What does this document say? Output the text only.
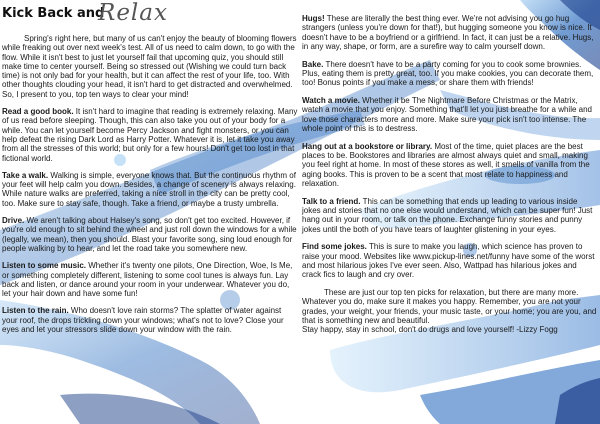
Kick Back and
Relax

Spring's right here, but many of us can't enjoy the beauty of blooming flowers while freaking out over next week's test. All of us need to calm down, to go with the flow. While it isn't best to just let yourself fail that upcoming quiz, you should still make time to center yourself. Being so stressed out (Wishing we could turn back time) is not only bad for your health, but it can affect the rest of your life, too. With other thoughts clouding your head, it isn't hard to get distracted and overwhelmed. So, I present to you, top ten ways to clear your mind!

Read a good book. It isn't hard to imagine that reading is extremely relaxing. Many of us read before sleeping. Though, this can also take you out of your body for a while. You can let yourself become Percy Jackson and fight monsters, or you can help defeat the rising Dark Lord as Harry Potter. Whatever it is, let it take you away from all the stresses of this world; but only for a few hours! Don't get too lost in that fictional world.

Take a walk. Walking is simple, everyone knows that. But the continuous rhythm of your feet will help calm you down. Besides, a change of scenery is always relaxing. While nature walks are preferred, taking a nice stroll in the city can be pretty cool, too. Make sure to stay safe, though. Take a friend, or maybe a trusty umbrella.

Drive. We aren't talking about Halsey's song, so don't get too excited. However, if you're old enough to sit behind the wheel and just roll down the windows for a while (legally, we mean), then you should. Blast your favorite song, sing loud enough for people walking by to hear, and let the road take you somewhere new.

Listen to some music. Whether it's twenty one pilots, One Direction, Woe, Is Me, or something completely different, listening to some cool tunes is always fun. Lay back and listen, or dance around your room in your underwear. Whatever you do, let your hair down and have some fun!

Listen to the rain. Who doesn't love rain storms? The splatter of water against your roof, the drops trickling down your windows; what's not to love? Close your eyes and let your stressors slide down your window with the rain.

Hugs! These are literally the best thing ever. We're not advising you go hug strangers (unless you're down for that!), but hugging someone you know is nice. It doesn't have to be a boyfriend or a girlfriend. In fact, it can just be a relative. Hugs, in any way, shape, or form, are a surefire way to calm yourself down.

Bake. There doesn't have to be a party coming for you to cook some brownies. Plus, eating them is pretty great, too. If you make cookies, you can decorate them, too! Bonus points if you make a mess, or share them with friends!

Watch a movie. Whether it be The Nightmare Before Christmas or the Matrix, watch a movie that you enjoy. Something that'll let you just breathe for a while and love those characters more and more. Make sure your pick isn't too intense. The whole point of this is to destress.

Hang out at a bookstore or library. Most of the time, quiet places are the best places to be. Bookstores and libraries are almost always quiet and small, making you feel right at home. In most of these stores as well, it smells of vanilla from the aging books. This is proven to be a scent that most relate to happiness and relaxation.

Talk to a friend. This can be something that ends up leading to various inside jokes and stories that no one else would understand, which can be super fun! Just hang out in your room, or talk on the phone. Exchange funny stories and punny jokes until the both of you have tears of laughter glistening in your eyes.

Find some jokes. This is sure to make you laugh, which science has proven to raise your mood. Websites like www.pickup-lines.net/funny have some of the worst and most hilarious jokes I've ever seen. Also, Wattpad has hilarious jokes and crack fics to laugh and cry over.

These are just our top ten picks for relaxation, but there are many more. Whatever you do, make sure it makes you happy. Remember, you are not your grades, your weight, your friends, your music taste, or your home; you are you, and that is something new and beautiful.

Stay happy, stay in school, don't do drugs and love yourself! -Lizzy Fogg
